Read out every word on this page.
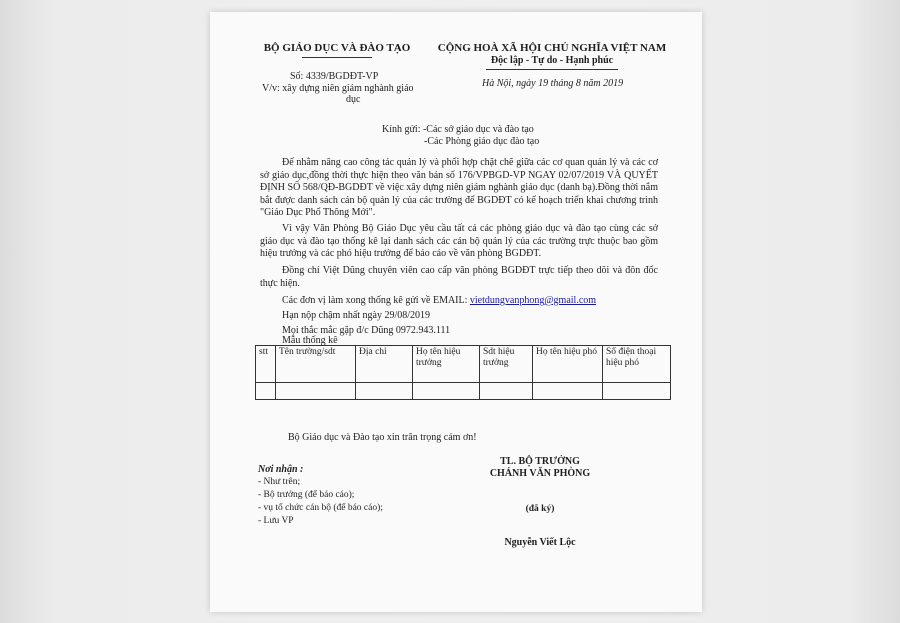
BỘ GIÁO DỤC VÀ ĐÀO TẠO	CỘNG HOÀ XÃ HỘI CHỦ NGHĨA VIỆT NAM
Độc lập - Tự do - Hạnh phúc
Số: 4339/BGDĐT-VP
V/v: xây dựng niên giám nghành giáo
dục
Hà Nội, ngày 19 tháng 8 năm 2019
Kính gửi: -Các sở giáo dục và đào tạo
-Các Phòng giáo dục đào tạo
Để nhằm nâng cao công tác quản lý và phối hợp chặt chẽ giữa các cơ quan quản lý và các cơ sở giáo dục,đồng thời thực hiện theo văn bản số 176/VPBGD-VP NGAY 02/07/2019 VÀ QUYẾT ĐỊNH SỐ 568/QĐ-BGDĐT về việc xây dựng niên giám nghành giáo dục (danh bạ).Đồng thời nắm bắt được danh sách cán bộ quản lý của các trường để BGDĐT có kế hoạch triển khai chương trình "Giáo Dục Phổ Thông Mới".
Vì vậy Văn Phòng Bộ Giáo Dục yêu cầu tất cả các phòng giáo dục và đào tạo cùng các sở giáo dục và đào tạo thống kê lại danh sách các cán bộ quản lý của các trường trực thuộc bao gồm hiệu trưởng và các phó hiệu trưởng để báo cáo về văn phòng BGDĐT.
Đồng chí Việt Dũng chuyên viên cao cấp văn phòng BGDĐT trực tiếp theo dõi và đôn đốc thực hiện.
Các đơn vị làm xong thống kê gửi về EMAIL: vietdungvanphong@gmail.com
Hạn nộp chậm nhất ngày 29/08/2019
Mọi thắc mắc gặp đ/c Dũng 0972.943.111
Mẫu thống kê
stt	Tên trường/sdt	Địa chỉ	Họ tên hiệu trưởng	Sdt hiệu trưởng	Họ tên hiệu phó	Số điện thoại hiệu phó

Bộ Giáo dục và Đào tạo xin trân trọng cảm ơn!
Nơi nhận :
- Như trên;
- Bộ trưởng (để báo cáo);
- vụ tổ chức cán bộ (để báo cáo);
- Lưu VP
TL. BỘ TRƯỞNG
CHÁNH VĂN PHÒNG
(đã ký)
Nguyễn Viết Lộc
